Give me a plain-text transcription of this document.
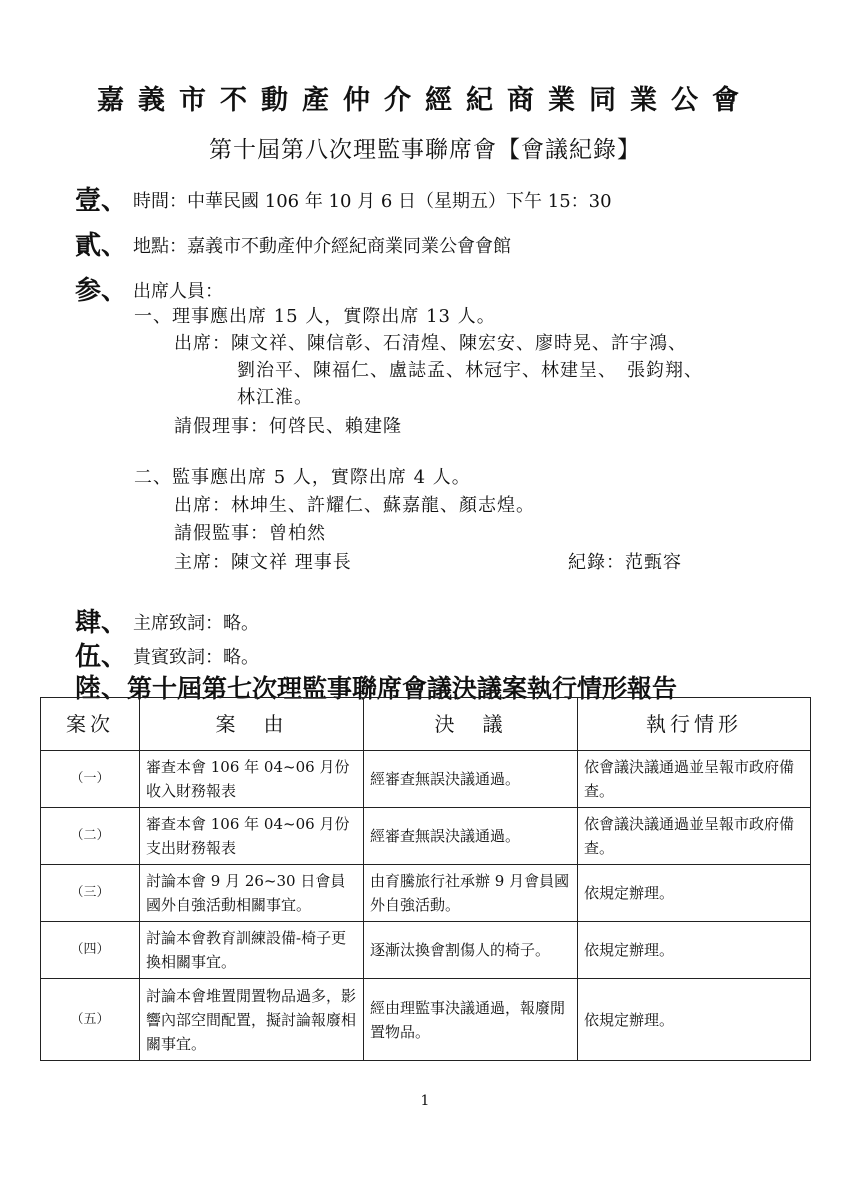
嘉義市不動產仲介經紀商業同業公會
第十屆第八次理監事聯席會【會議紀錄】
壹、 時間：中華民國 106 年 10 月 6 日（星期五）下午 15：30
貳、 地點：嘉義市不動產仲介經紀商業同業公會會館
参、 出席人員：
一、理事應出席 15 人，實際出席 13 人。
出席：陳文祥、陳信彰、石清煌、陳宏安、廖時晃、許宇鴻、
劉治平、陳福仁、盧誌孟、林冠宇、林建呈、　張鈞翔、
林江淮。
請假理事：何啓民、賴建隆
二、監事應出席 5 人，實際出席 4 人。
出席：林坤生、許耀仁、蘇嘉龍、顏志煌。
請假監事：曾柏然
主席：陳文祥 理事長	紀錄：范甄容
肆、 主席致詞：略。
伍、 貴賓致詞：略。
陸、第十屆第七次理監事聯席會議決議案執行情形報告
案次	案　由	決　議	執行情形
（一）	審查本會 106 年 04~06 月份收入財務報表	經審查無誤決議通過。	依會議決議通過並呈報市政府備查。
（二）	審查本會 106 年 04~06 月份支出財務報表	經審查無誤決議通過。	依會議決議通過並呈報市政府備查。
（三）	討論本會 9 月 26~30 日會員國外自強活動相關事宜。	由育騰旅行社承辦 9 月會員國外自強活動。	依規定辦理。
（四）	討論本會教育訓練設備-椅子更換相關事宜。	逐漸汰換會割傷人的椅子。	依規定辦理。
（五）	討論本會堆置閒置物品過多，影響內部空間配置，擬討論報廢相關事宜。	經由理監事決議通過，報廢閒置物品。	依規定辦理。
1
